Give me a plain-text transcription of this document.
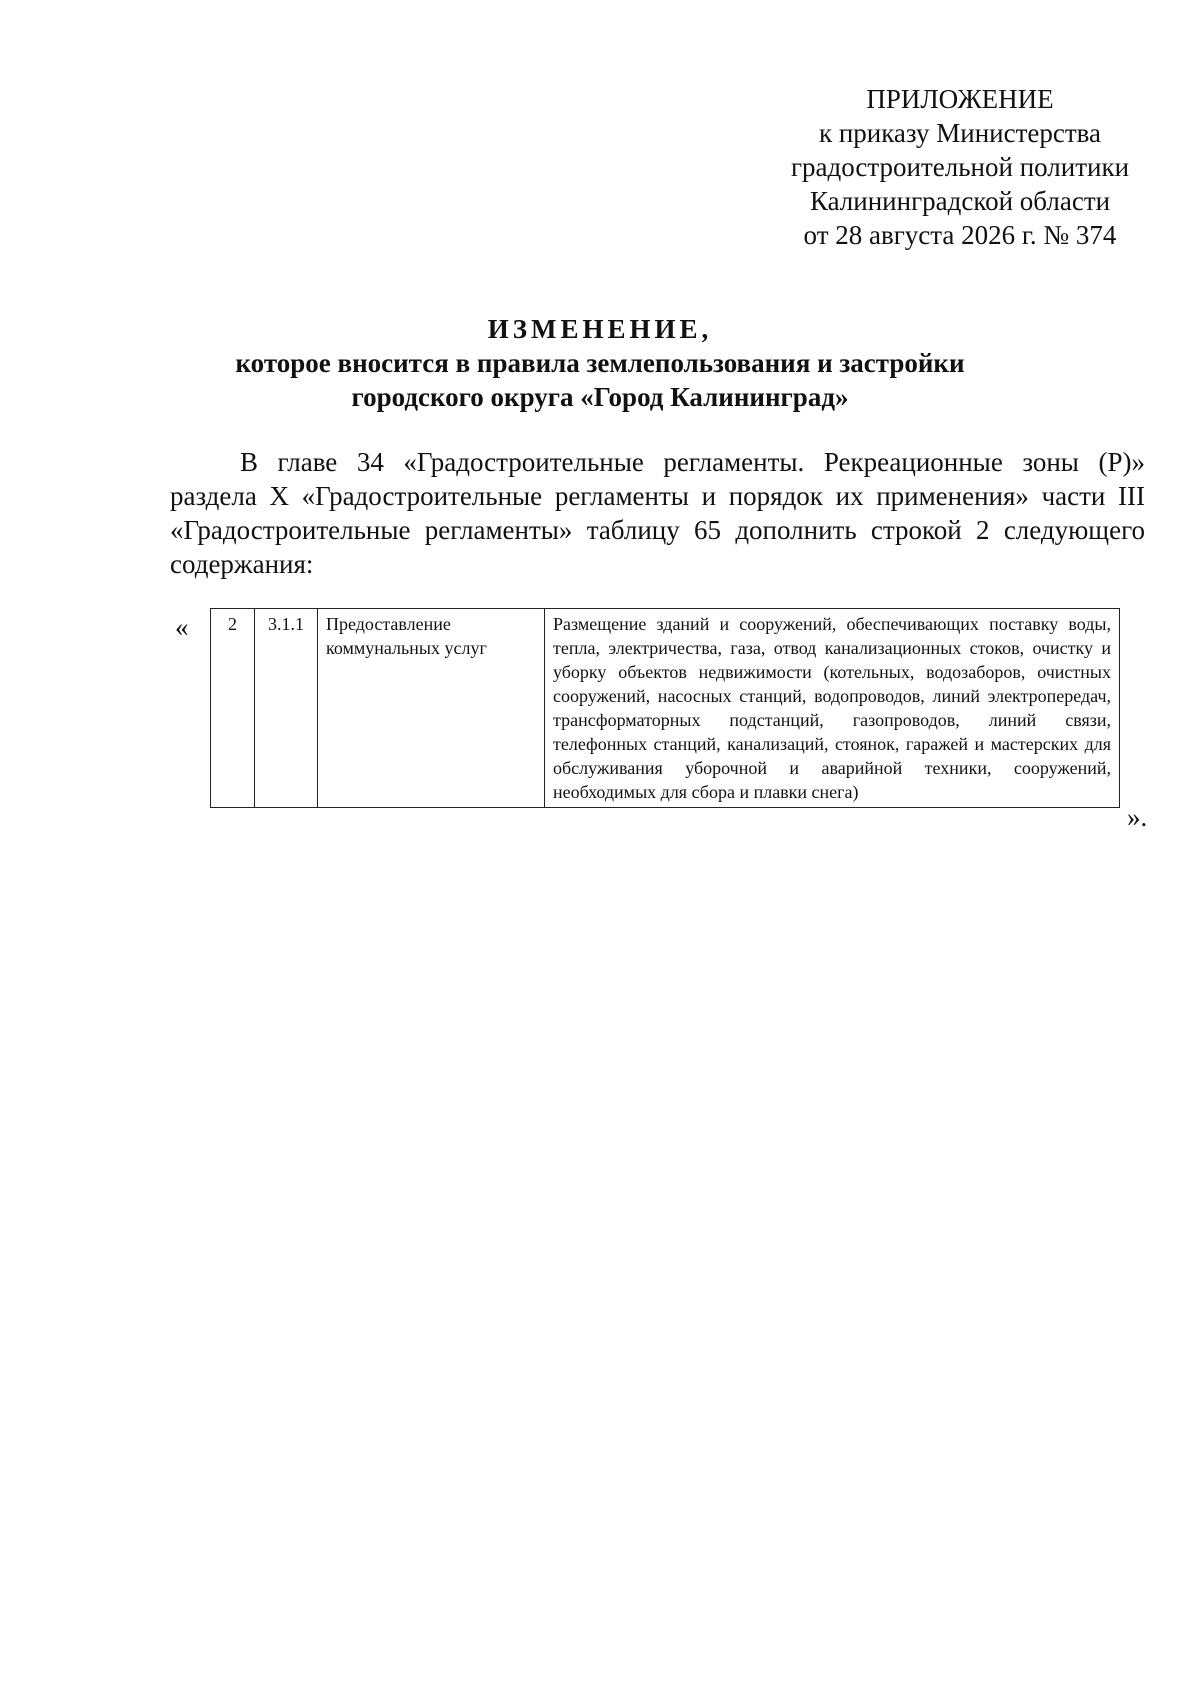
ПРИЛОЖЕНИЕ
к приказу Министерства
градостроительной политики
Калининградской области
от 28 августа 2026 г. № 374
ИЗМЕНЕНИЕ,
которое вносится в правила землепользования и застройки
городского округа «Город Калининград»
В главе 34 «Градостроительные регламенты. Рекреационные зоны (Р)» раздела X «Градостроительные регламенты и порядок их применения» части III «Градостроительные регламенты» таблицу 65 дополнить строкой 2 следующего содержания:
« 2	3.1.1	Предоставление коммунальных услуг	Размещение зданий и сооружений, обеспечивающих поставку воды, тепла, электричества, газа, отвод канализационных стоков, очистку и уборку объектов недвижимости (котельных, водозаборов, очистных сооружений, насосных станций, водопроводов, линий электропередач, трансформаторных подстанций, газопроводов, линий связи, телефонных станций, канализаций, стоянок, гаражей и мастерских для обслуживания уборочной и аварийной техники, сооружений, необходимых для сбора и плавки снега)
».
